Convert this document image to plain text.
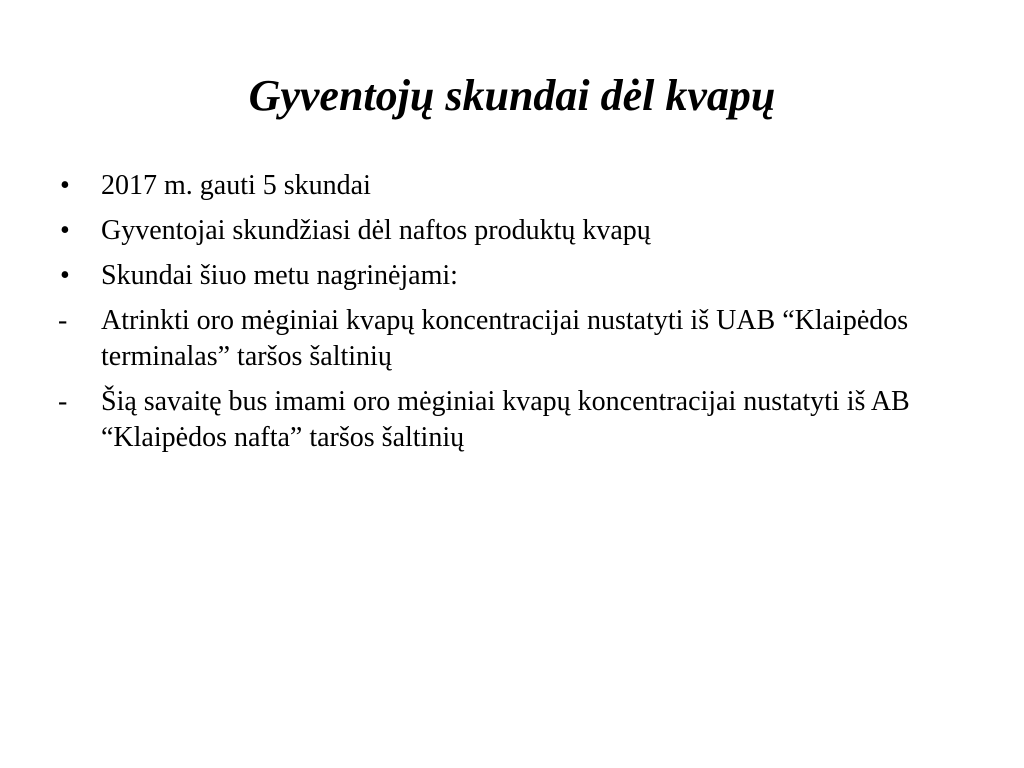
Gyventojų skundai dėl kvapų
•	2017 m. gauti 5 skundai
•	Gyventojai skundžiasi dėl naftos produktų kvapų
•	Skundai šiuo metu nagrinėjami:
-	Atrinkti oro mėginiai kvapų koncentracijai nustatyti iš UAB “Klaipėdos terminalas” taršos šaltinių
-	Šią savaitę bus imami oro mėginiai kvapų koncentracijai nustatyti iš AB “Klaipėdos nafta” taršos šaltinių
